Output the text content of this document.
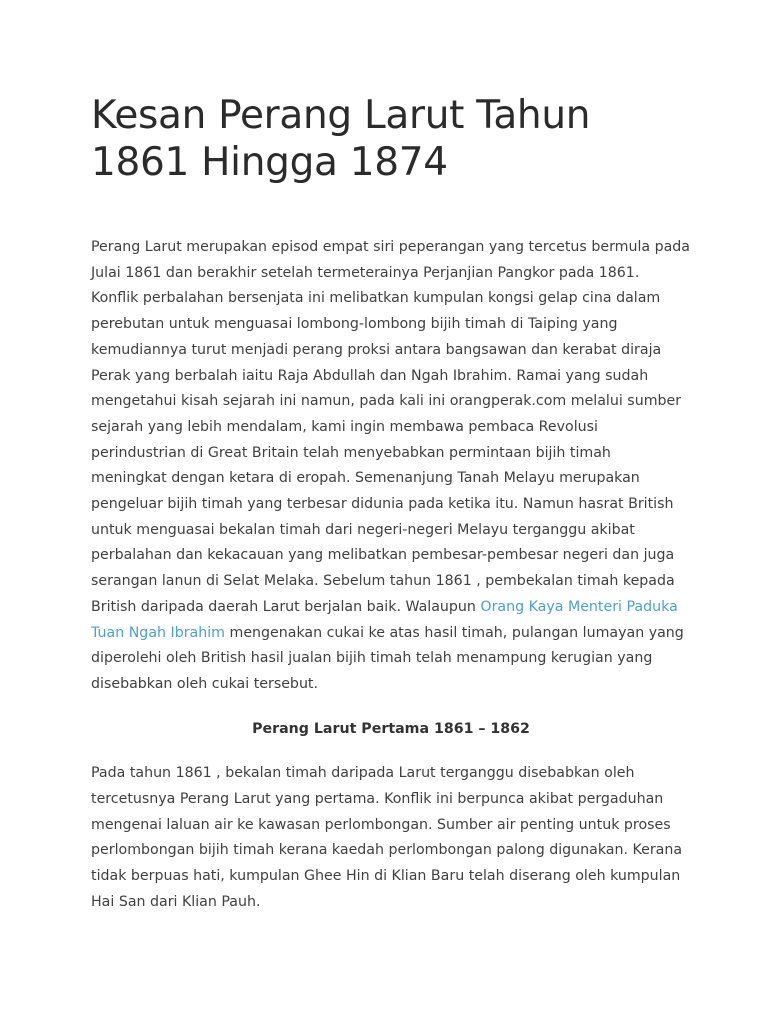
Kesan Perang Larut Tahun 1861 Hingga 1874

Perang Larut merupakan episod empat siri peperangan yang tercetus bermula pada Julai 1861 dan berakhir setelah termeterainya Perjanjian Pangkor pada 1861. Konflik perbalahan bersenjata ini melibatkan kumpulan kongsi gelap cina dalam perebutan untuk menguasai lombong-lombong bijih timah di Taiping yang kemudiannya turut menjadi perang proksi antara bangsawan dan kerabat diraja Perak yang berbalah iaitu Raja Abdullah dan Ngah Ibrahim. Ramai yang sudah mengetahui kisah sejarah ini namun, pada kali ini orangperak.com melalui sumber sejarah yang lebih mendalam, kami ingin membawa pembaca Revolusi perindustrian di Great Britain telah menyebabkan permintaan bijih timah meningkat dengan ketara di eropah. Semenanjung Tanah Melayu merupakan pengeluar bijih timah yang terbesar didunia pada ketika itu. Namun hasrat British untuk menguasai bekalan timah dari negeri-negeri Melayu terganggu akibat perbalahan dan kekacauan yang melibatkan pembesar-pembesar negeri dan juga serangan lanun di Selat Melaka. Sebelum tahun 1861 , pembekalan timah kepada British daripada daerah Larut berjalan baik. Walaupun Orang Kaya Menteri Paduka Tuan Ngah Ibrahim mengenakan cukai ke atas hasil timah, pulangan lumayan yang diperolehi oleh British hasil jualan bijih timah telah menampung kerugian yang disebabkan oleh cukai tersebut.

Perang Larut Pertama 1861 – 1862

Pada tahun 1861 , bekalan timah daripada Larut terganggu disebabkan oleh tercetusnya Perang Larut yang pertama. Konflik ini berpunca akibat pergaduhan mengenai laluan air ke kawasan perlombongan. Sumber air penting untuk proses perlombongan bijih timah kerana kaedah perlombongan palong digunakan. Kerana tidak berpuas hati, kumpulan Ghee Hin di Klian Baru telah diserang oleh kumpulan Hai San dari Klian Pauh.
